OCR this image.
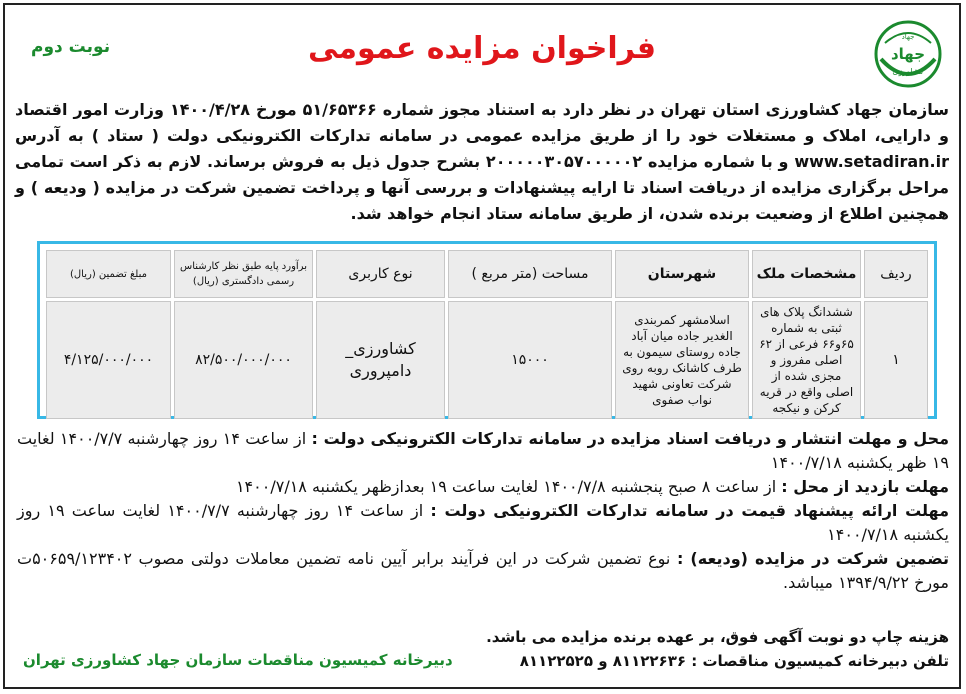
جهاد
جهاد
کشاورزی
فراخوان مزایده عمومی
نوبت دوم
سازمان جهاد کشاورزی استان تهران در نظر دارد به استناد مجوز شماره ۵۱/۶۵۳۶۶ مورخ ۱۴۰۰/۴/۲۸ وزارت امور اقتصاد و دارایی، املاک و مستغلات خود را از طریق مزایده عمومی در سامانه تدارکات الکترونیکی دولت ( ستاد ) به آدرس www.setadiran.ir و با شماره مزایده ۲۰۰۰۰۰۳۰۵۷۰۰۰۰۰۲ بشرح جدول ذیل به فروش برساند. لازم به ذکر است تمامی مراحل برگزاری مزایده از دریافت اسناد تا ارایه پیشنهادات و بررسی آنها و پرداخت تضمین شرکت در مزایده ( ودیعه ) و همچنین اطلاع از وضعیت برنده شدن، از طریق سامانه ستاد انجام خواهد شد.
ردیف	مشخصات ملک	شهرستان	مساحت (متر مربع )	نوع کاربری	برآورد پایه طبق نظر کارشناس رسمی دادگستری (ریال)	مبلغ تضمین (ریال)
۱	ششدانگ پلاک های ثبتی به شماره ۶۵و۶۶ فرعی از ۶۲ اصلی مفروز و مجزی شده از اصلی واقع در قریه کرکن و نیکجه	اسلامشهر کمربندی الغدیر جاده میان آباد جاده روستای سیمون به طرف کاشانک روبه روی شرکت تعاونی شهید نواب صفوی	۱۵۰۰۰	کشاورزی_ دامپروری	۸۲/۵۰۰/۰۰۰/۰۰۰	۴/۱۲۵/۰۰۰/۰۰۰

محل و مهلت انتشار و دریافت اسناد مزایده در سامانه تدارکات الکترونیکی دولت : از ساعت ۱۴ روز چهارشنبه ۱۴۰۰/۷/۷ لغایت ۱۹ ظهر یکشنبه ۱۴۰۰/۷/۱۸

مهلت بازدید از محل : از ساعت ۸ صبح پنجشنبه ۱۴۰۰/۷/۸ لغایت ساعت ۱۹ بعدازظهر یکشنبه ۱۴۰۰/۷/۱۸

مهلت ارائه پیشنهاد قیمت در سامانه تدارکات الکترونیکی دولت : از ساعت ۱۴ روز چهارشنبه ۱۴۰۰/۷/۷ لغایت ساعت ۱۹ روز یکشنبه ۱۴۰۰/۷/۱۸

تضمین شرکت در مزایده (ودیعه) : نوع تضمین شرکت در این فرآیند برابر آیین نامه تضمین معاملات دولتی مصوب ۵۰۶۵۹/۱۲۳۴۰۲ت مورخ ۱۳۹۴/۹/۲۲ میباشد.

هزینه چاپ دو نوبت آگهی فوق، بر عهده برنده مزایده می باشد.
تلفن دبیرخانه کمیسیون مناقصات : ۸۱۱۲۲۶۳۶ و ۸۱۱۲۲۵۲۵
دبیرخانه کمیسیون مناقصات سازمان جهاد کشاورزی تهران
